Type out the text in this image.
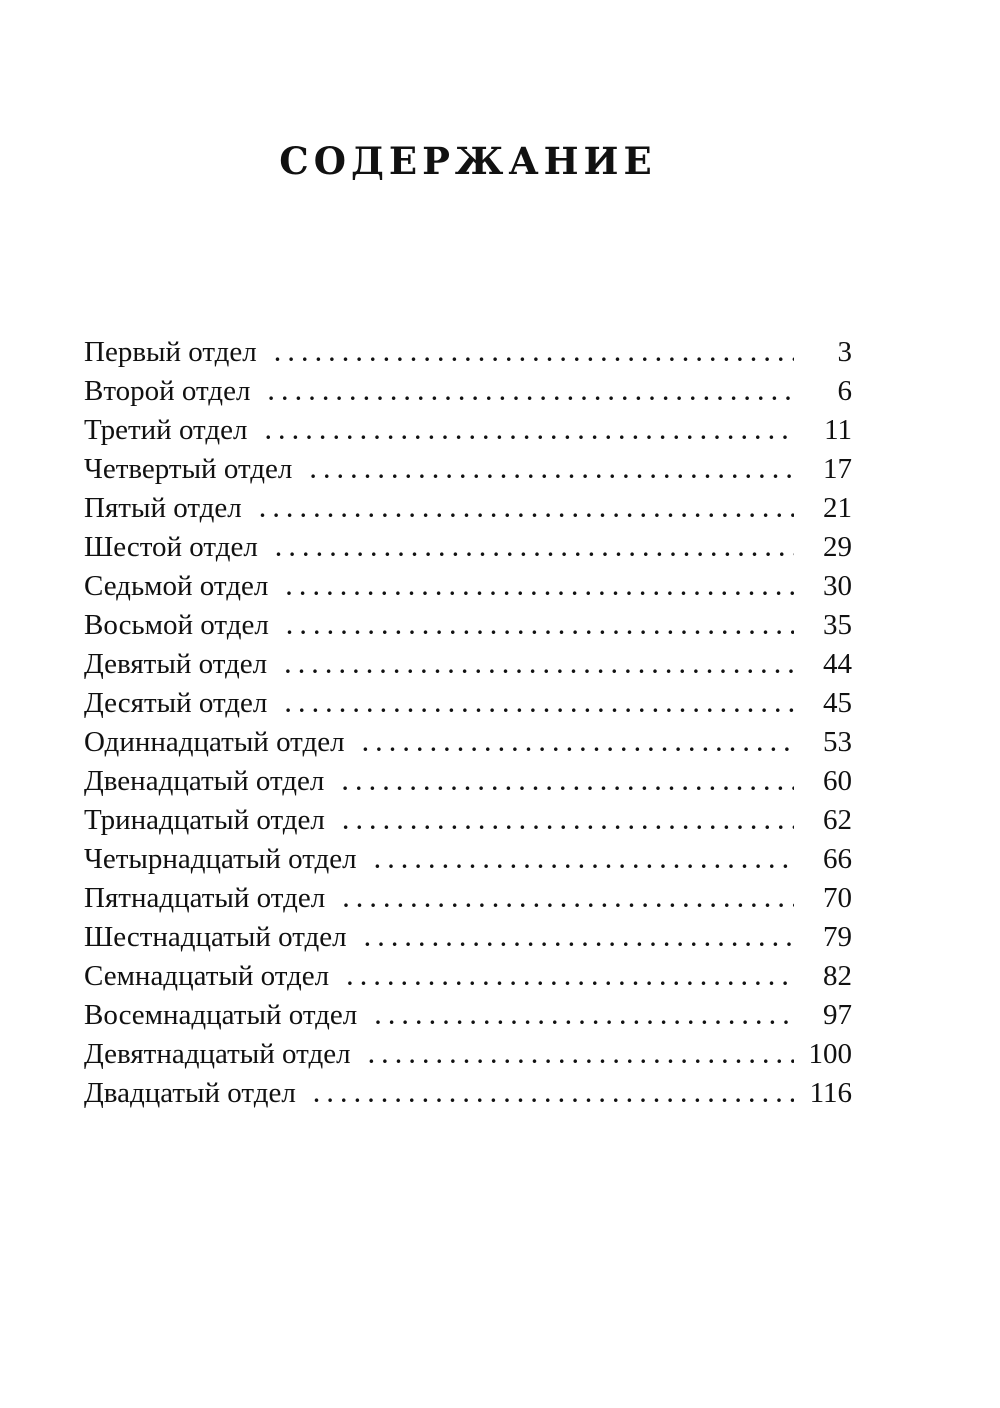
СОДЕРЖАНИЕ
Первый отдел . . .	3
Второй отдел . . .	6
Третий отдел . . .	11
Четвертый отдел . . .	17
Пятый отдел . . .	21
Шестой отдел . . .	29
Седьмой отдел . . .	30
Восьмой отдел . . .	35
Девятый отдел . . .	44
Десятый отдел . . .	45
Одиннадцатый отдел . . .	53
Двенадцатый отдел . . .	60
Тринадцатый отдел . . .	62
Четырнадцатый отдел . . .	66
Пятнадцатый отдел . . .	70
Шестнадцатый отдел . . .	79
Семнадцатый отдел . . .	82
Восемнадцатый отдел . . .	97
Девятнадцатый отдел . . .	100
Двадцатый отдел . . .	116
